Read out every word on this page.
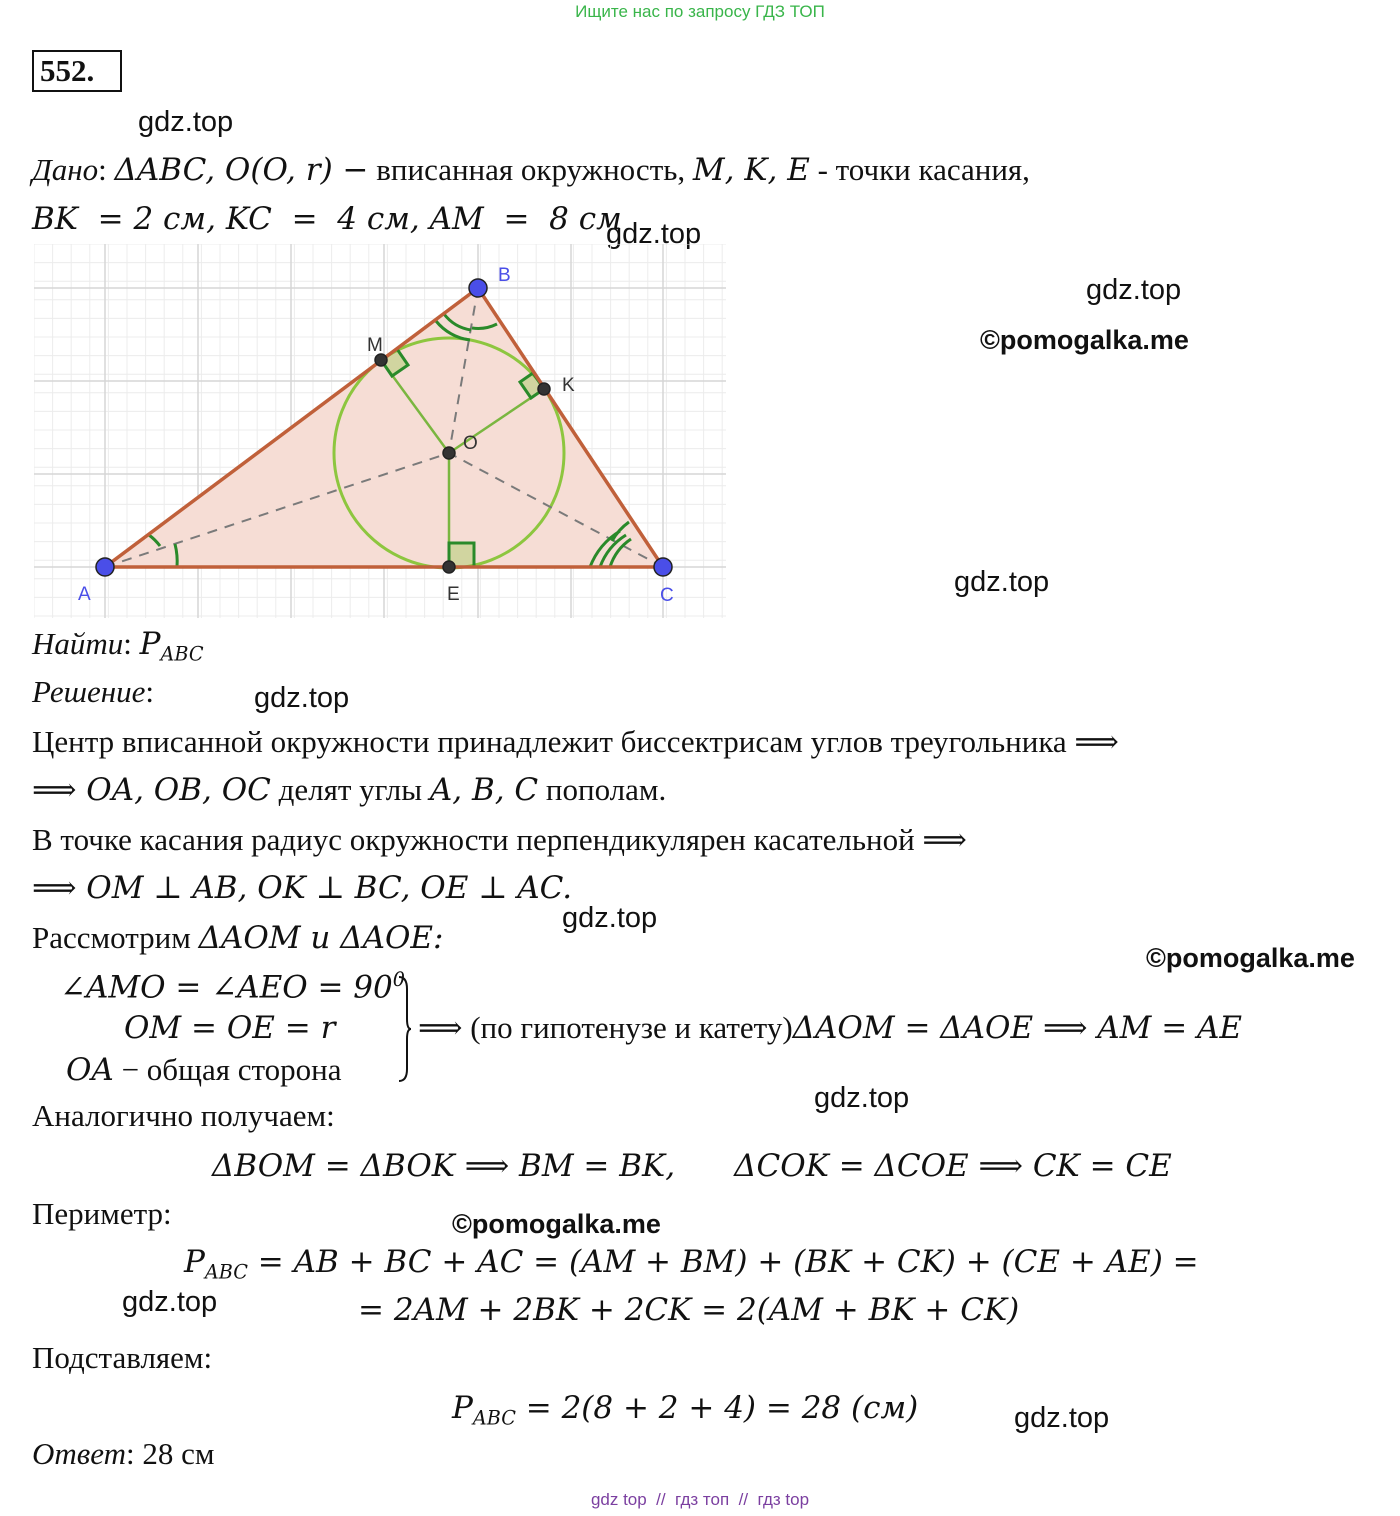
Ищите нас по запросу ГДЗ ТОП
552.
gdz.top
gdz.top
gdz.top
©pomogalka.me
gdz.top
gdz.top
gdz.top
©pomogalka.me
gdz.top
©pomogalka.me
gdz.top
gdz.top
Дано: ΔABC, O(O, r) − вписанная окружность, M, K, E - точки касания,
BK  = 2 см, KC  =  4 см, AM  =  8 см
A
B
C
M
K
E
O
Найти: $P_{ABC}$
Решение:
Центр вписанной окружности принадлежит биссектрисам углов треугольника ⟹
⟹ OA, OB, OC делят углы A, B, C пополам.
В точке касания радиус окружности перпендикулярен касательной ⟹
⟹ OM ⊥ AB, OK ⊥ BC, OE ⊥ AC.
Рассмотрим ΔAOM и ΔAOE:
∠AMO = ∠AEO = $90^0$
OM = OE = r
OA − общая сторона
⟹ (по гипотенузе и катету)ΔAOM = ΔAOE ⟹ AM = AE
Аналогично получаем:
ΔBOM = ΔBOK ⟹ BM = BK,      ΔCOK = ΔCOE ⟹ CK = CE
Периметр:
$P_{ABC}$ = AB + BC + AC = (AM + BM) + (BK + CK) + (CE + AE) =
= 2AM + 2BK + 2CK = 2(AM + BK + CK)
Подставляем:
$P_{ABC} = 2(8 + 2 + 4) = 28$ (см)
Ответ: 28 см
gdz top  //  гдз топ  //  гдз top
